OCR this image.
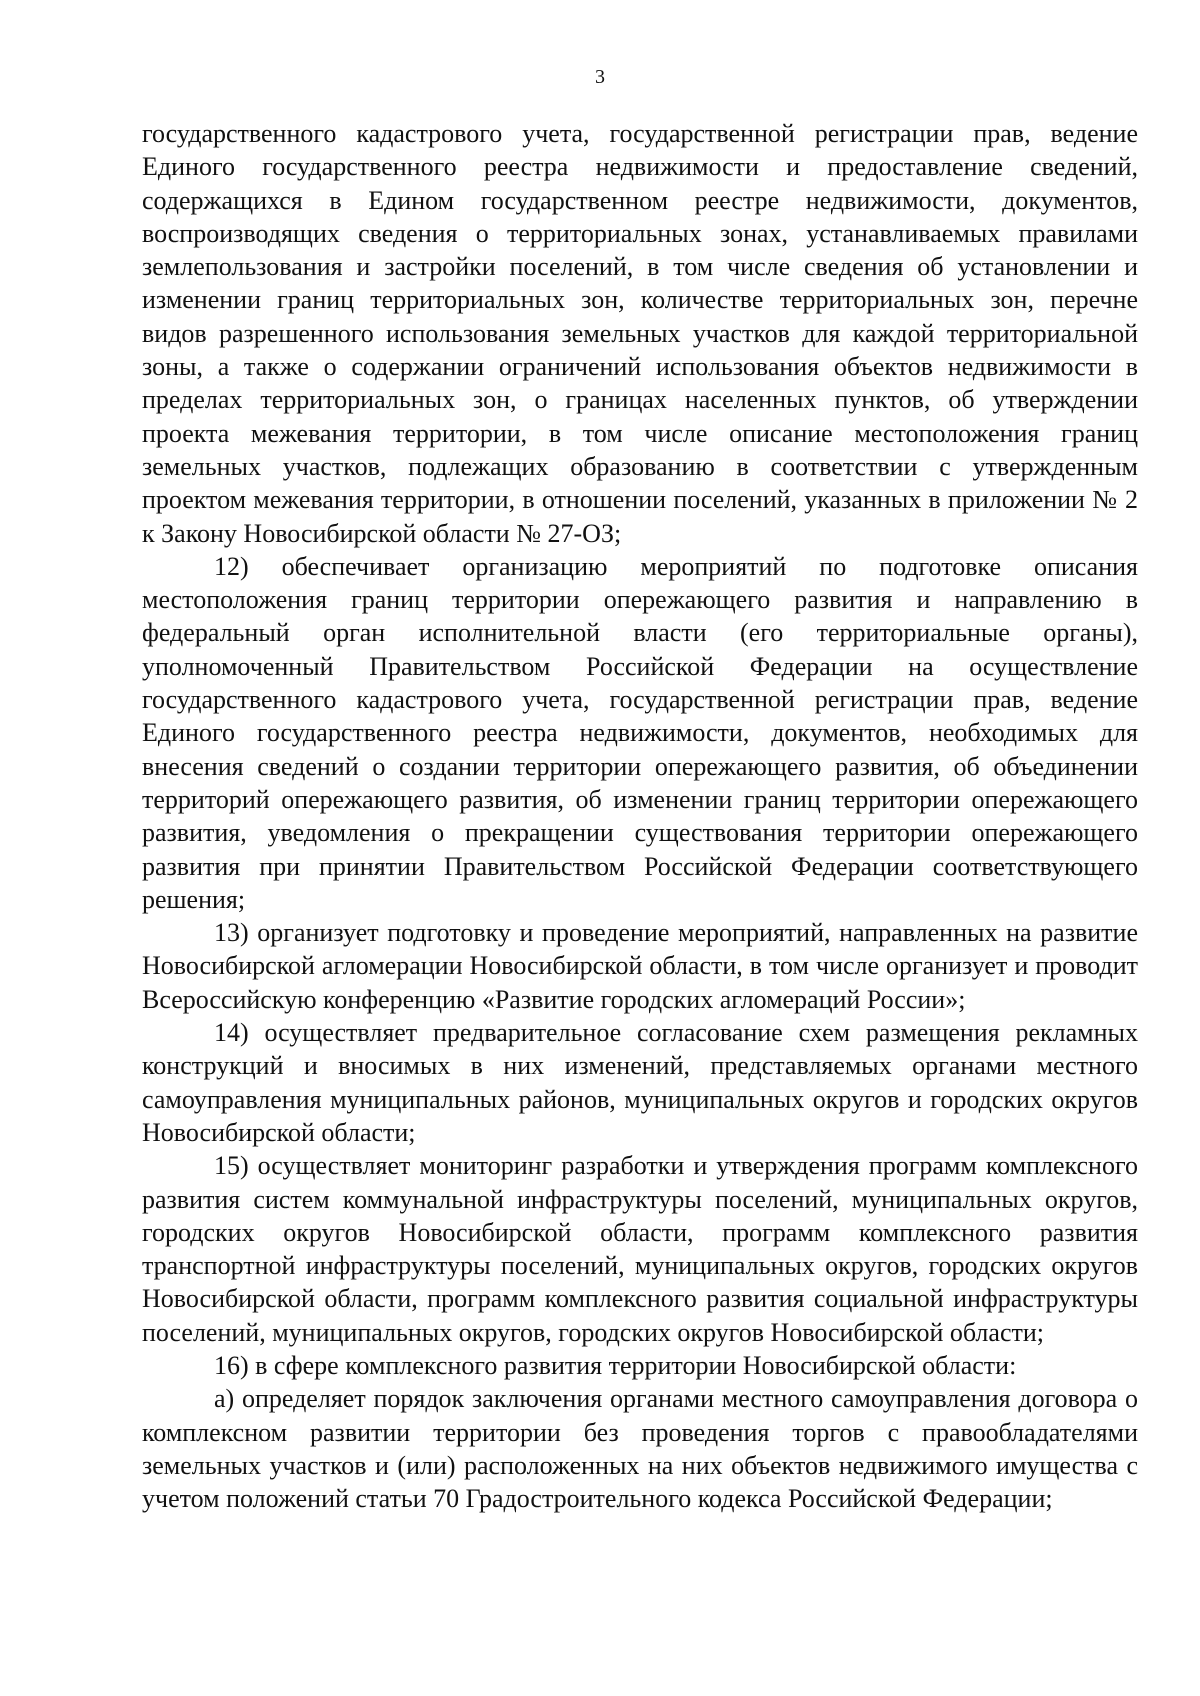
3

государственного кадастрового учета, государственной регистрации прав, ведение Единого государственного реестра недвижимости и предоставление сведений, содержащихся в Едином государственном реестре недвижимости, документов, воспроизводящих сведения о территориальных зонах, устанавливаемых правилами землепользования и застройки поселений, в том числе сведения об установлении и изменении границ территориальных зон, количестве территориальных зон, перечне видов разрешенного использования земельных участков для каждой территориальной зоны, а также о содержании ограничений использования объектов недвижимости в пределах территориальных зон, о границах населенных пунктов, об утверждении проекта межевания территории, в том числе описание местоположения границ земельных участков, подлежащих образованию в соответствии с утвержденным проектом межевания территории, в отношении поселений, указанных в приложении № 2 к Закону Новосибирской области № 27-ОЗ;

12) обеспечивает организацию мероприятий по подготовке описания местоположения границ территории опережающего развития и направлению в федеральный орган исполнительной власти (его территориальные органы), уполномоченный Правительством Российской Федерации на осуществление государственного кадастрового учета, государственной регистрации прав, ведение Единого государственного реестра недвижимости, документов, необходимых для внесения сведений о создании территории опережающего развития, об объединении территорий опережающего развития, об изменении границ территории опережающего развития, уведомления о прекращении существования территории опережающего развития при принятии Правительством Российской Федерации соответствующего решения;

13) организует подготовку и проведение мероприятий, направленных на развитие Новосибирской агломерации Новосибирской области, в том числе организует и проводит Всероссийскую конференцию «Развитие городских агломераций России»;

14) осуществляет предварительное согласование схем размещения рекламных конструкций и вносимых в них изменений, представляемых органами местного самоуправления муниципальных районов, муниципальных округов и городских округов Новосибирской области;

15) осуществляет мониторинг разработки и утверждения программ комплексного развития систем коммунальной инфраструктуры поселений, муниципальных округов, городских округов Новосибирской области, программ комплексного развития транспортной инфраструктуры поселений, муниципальных округов, городских округов Новосибирской области, программ комплексного развития социальной инфраструктуры поселений, муниципальных округов, городских округов Новосибирской области;

16) в сфере комплексного развития территории Новосибирской области:

а) определяет порядок заключения органами местного самоуправления договора о комплексном развитии территории без проведения торгов с правообладателями земельных участков и (или) расположенных на них объектов недвижимого имущества с учетом положений статьи 70 Градостроительного кодекса Российской Федерации;
